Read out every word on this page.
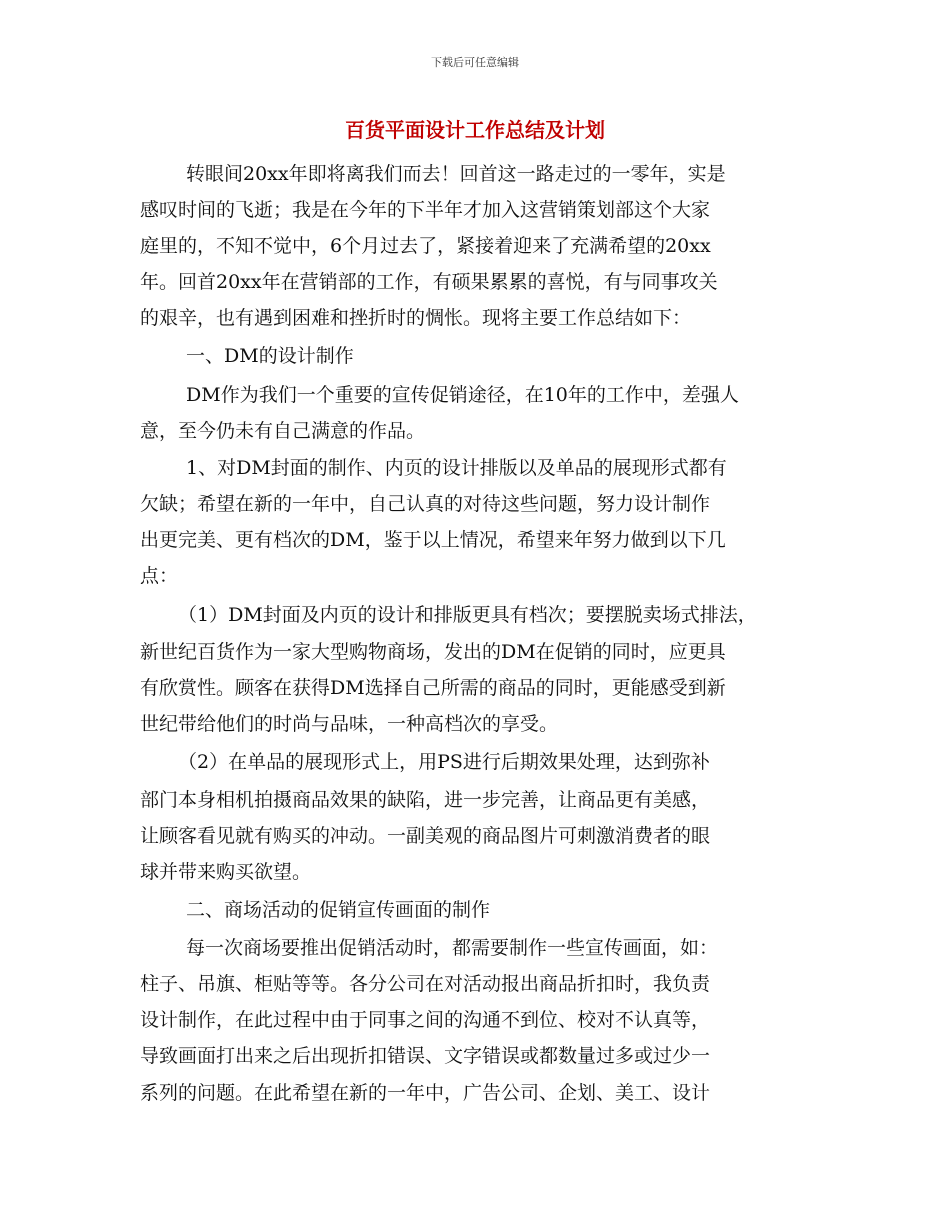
下载后可任意编辑
百货平面设计工作总结及计划
转眼间20xx年即将离我们而去！回首这一路走过的一零年，实是
感叹时间的飞逝；我是在今年的下半年才加入这营销策划部这个大家
庭里的，不知不觉中，6个月过去了，紧接着迎来了充满希望的20xx
年。回首20xx年在营销部的工作，有硕果累累的喜悦，有与同事攻关
的艰辛，也有遇到困难和挫折时的惆怅。现将主要工作总结如下：
一、DM的设计制作
DM作为我们一个重要的宣传促销途径，在10年的工作中，差强人
意，至今仍未有自己满意的作品。
1、对DM封面的制作、内页的设计排版以及单品的展现形式都有
欠缺；希望在新的一年中，自己认真的对待这些问题，努力设计制作
出更完美、更有档次的DM，鉴于以上情况，希望来年努力做到以下几
点：
（1）DM封面及内页的设计和排版更具有档次；要摆脱卖场式排法，
新世纪百货作为一家大型购物商场，发出的DM在促销的同时，应更具
有欣赏性。顾客在获得DM选择自己所需的商品的同时，更能感受到新
世纪带给他们的时尚与品味，一种高档次的享受。
（2）在单品的展现形式上，用PS进行后期效果处理，达到弥补
部门本身相机拍摄商品效果的缺陷，进一步完善，让商品更有美感，
让顾客看见就有购买的冲动。一副美观的商品图片可刺激消费者的眼
球并带来购买欲望。
二、商场活动的促销宣传画面的制作
每一次商场要推出促销活动时，都需要制作一些宣传画面，如：
柱子、吊旗、柜贴等等。各分公司在对活动报出商品折扣时，我负责
设计制作，在此过程中由于同事之间的沟通不到位、校对不认真等，
导致画面打出来之后出现折扣错误、文字错误或都数量过多或过少一
系列的问题。在此希望在新的一年中，广告公司、企划、美工、设计
